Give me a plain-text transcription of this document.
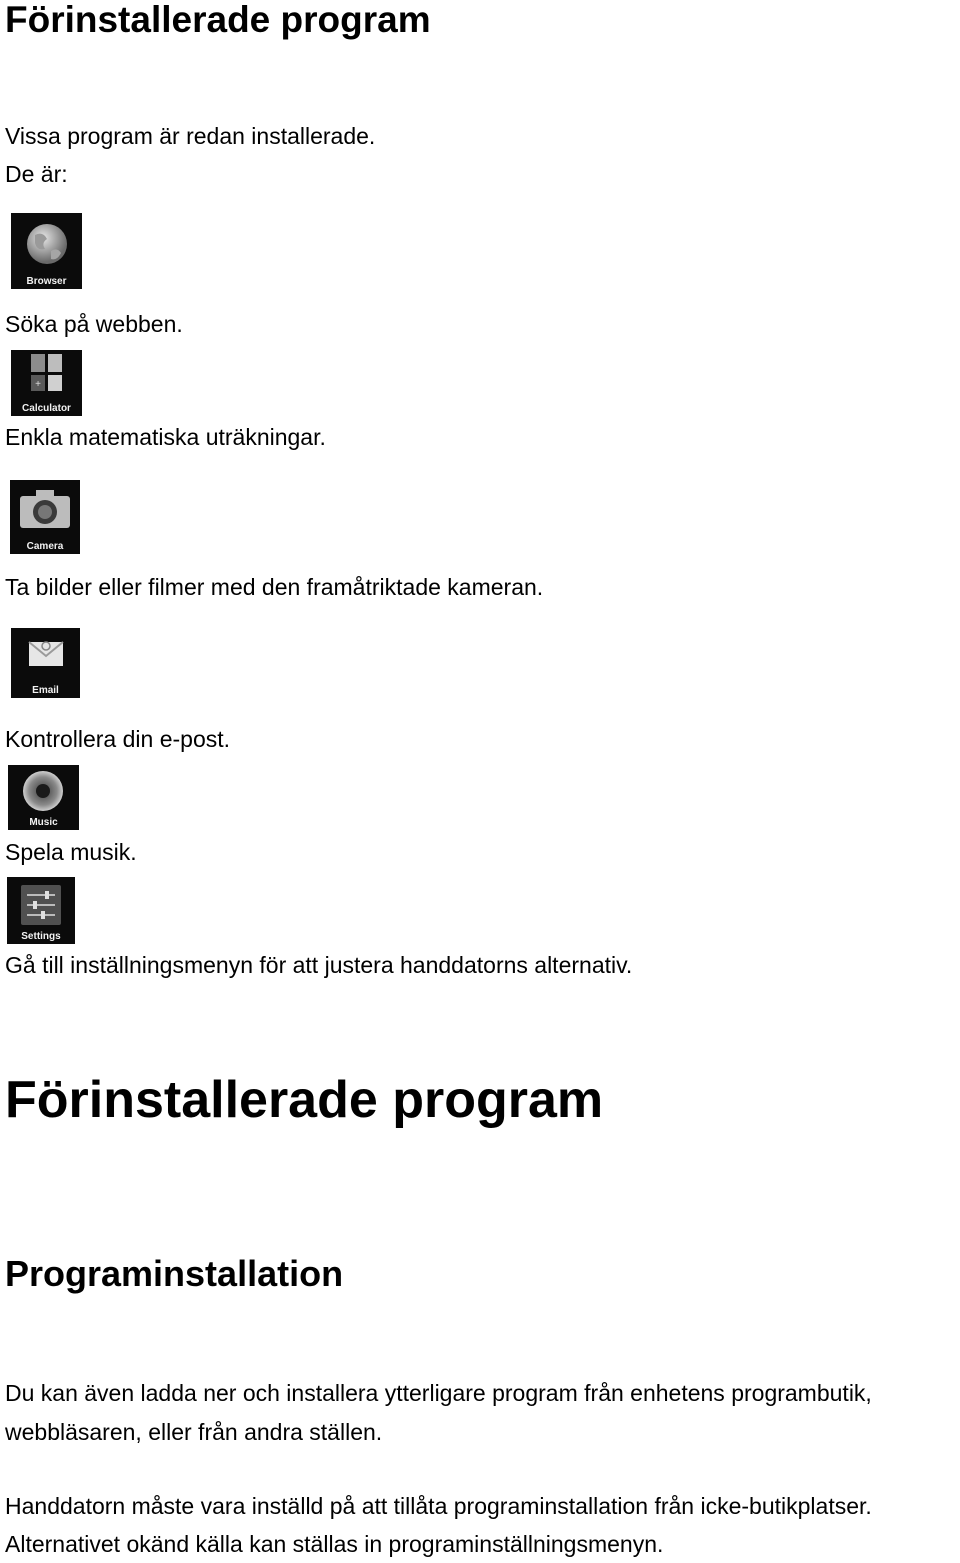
Förinstallerade program
Vissa program är redan installerade.
De är:
Browser
Söka på webben.
+
Calculator
Enkla matematiska uträkningar.
Camera
Ta bilder eller filmer med den framåtriktade kameran.
Email
Kontrollera din e-post.
Music
Spela musik.
Settings
Gå till inställningsmenyn för att justera handdatorns alternativ.
Förinstallerade program
Programinstallation
Du kan även ladda ner och installera ytterligare program från enhetens programbutik,
webbläsaren, eller från andra ställen.
Handdatorn måste vara inställd på att tillåta programinstallation från icke-butikplatser.
Alternativet okänd källa kan ställas in programinställningsmenyn.
